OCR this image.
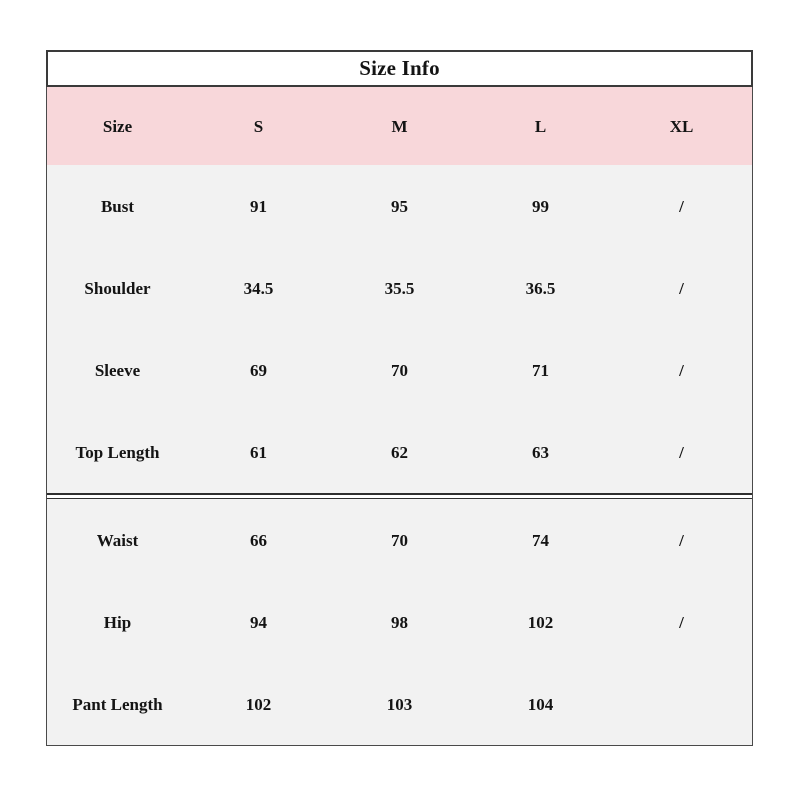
Size Info
Size	S	M	L	XL
Bust	91	95	99	/
Shoulder	34.5	35.5	36.5	/
Sleeve	69	70	71	/
Top Length	61	62	63	/
Waist	66	70	74	/
Hip	94	98	102	/
Pant Length	102	103	104
